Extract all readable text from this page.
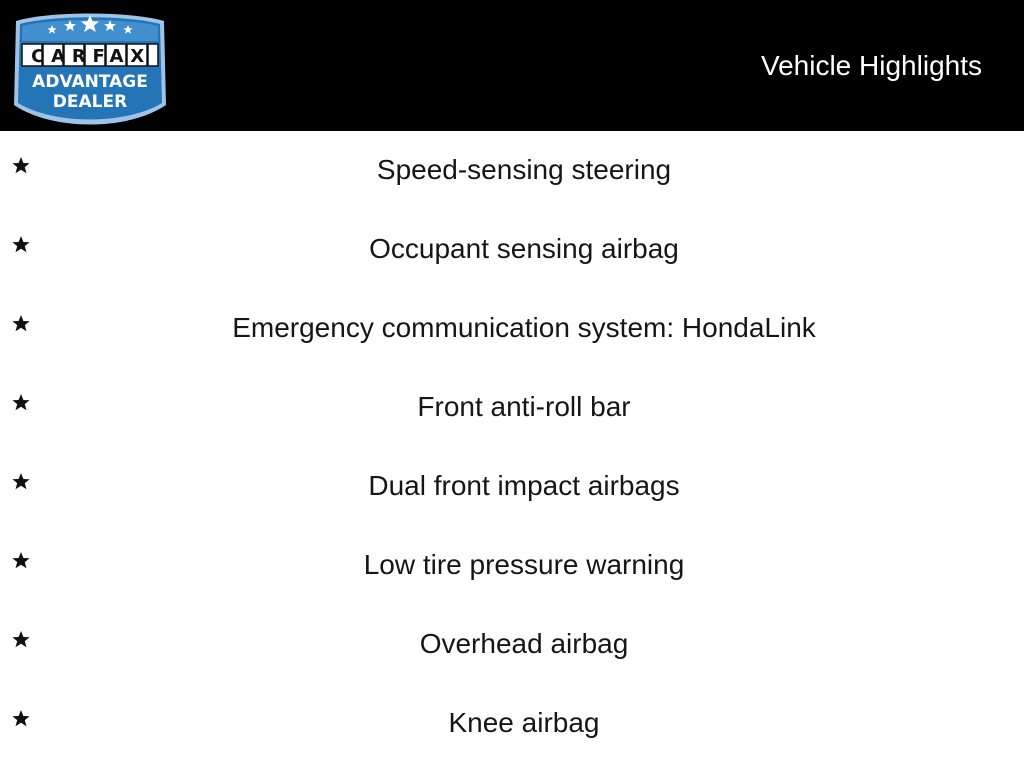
CARFAX
ADVANTAGE
DEALER
Vehicle Highlights
Speed-sensing steering
Occupant sensing airbag
Emergency communication system: HondaLink
Front anti-roll bar
Dual front impact airbags
Low tire pressure warning
Overhead airbag
Knee airbag
